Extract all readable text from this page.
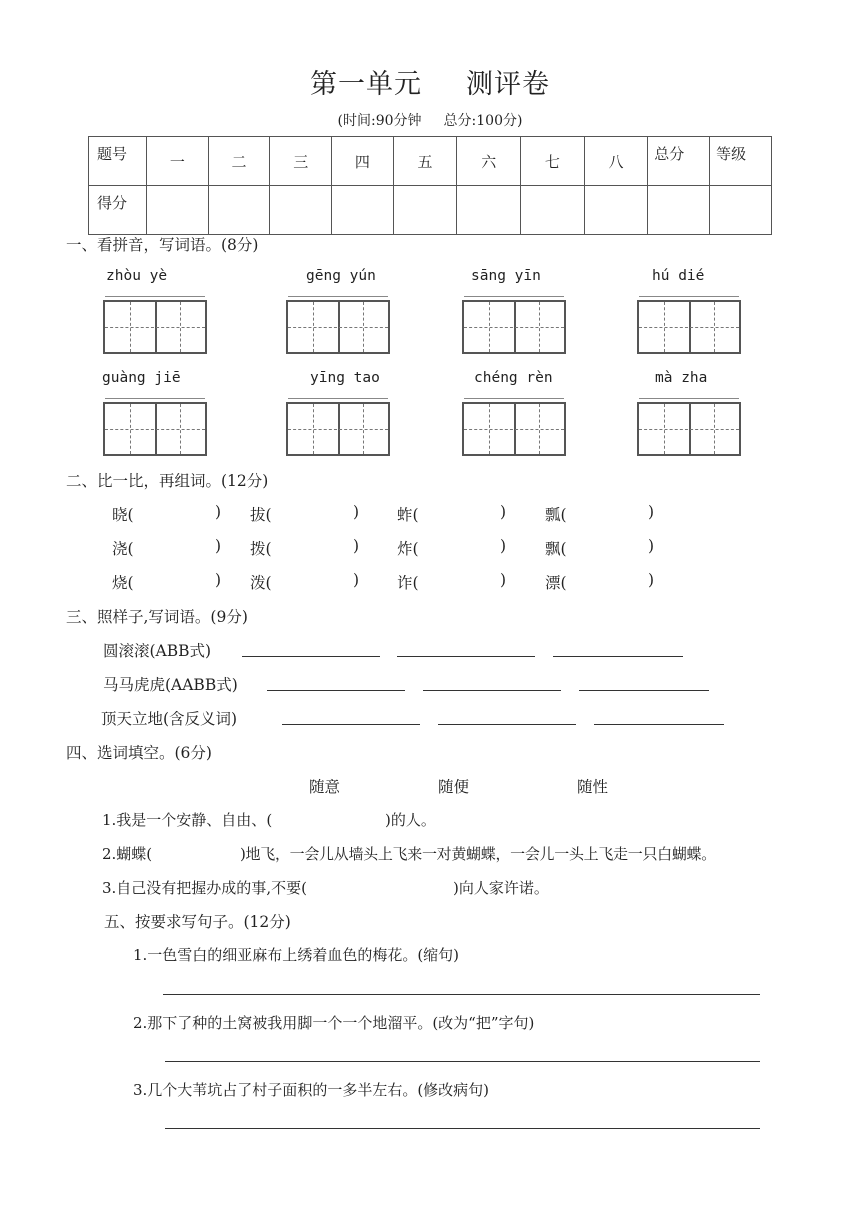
第一单元 测评卷
(时间:90分钟 总分:100分)
题号	一	二	三	四	五	六	七	八	总分	等级
得分										
一、看拼音，写词语。(8分)
zhòu yè	gēng yún	sāng yīn	hú dié
guàng jiē	yīng tao	chéng rèn	mà zha
二、比一比，再组词。(12分)
晓(	) 拔(	) 蚱(	)	瓢(	)
浇(	) 拨(	) 炸(	)	飘(	)
烧(	) 泼(	) 诈(	)	漂(	)
三、照样子,写词语。(9分)
圆滚滚(ABB式)
马马虎虎(AABB式)
顶天立地(含反义词)
四、选词填空。(6分)
随意	随便	随性
1.我是一个安静、自由、(	)的人。
2.蝴蝶(	)地飞，一会儿从墙头上飞来一对黄蝴蝶，一会儿一头上飞走一只白蝴蝶。
3.自己没有把握办成的事,不要(	)向人家许诺。
五、按要求写句子。(12分)
1.一色雪白的细亚麻布上绣着血色的梅花。(缩句)
2.那下了种的土窝被我用脚一个一个地溜平。(改为“把”字句)
3.几个大苇坑占了村子面积的一多半左右。(修改病句)
